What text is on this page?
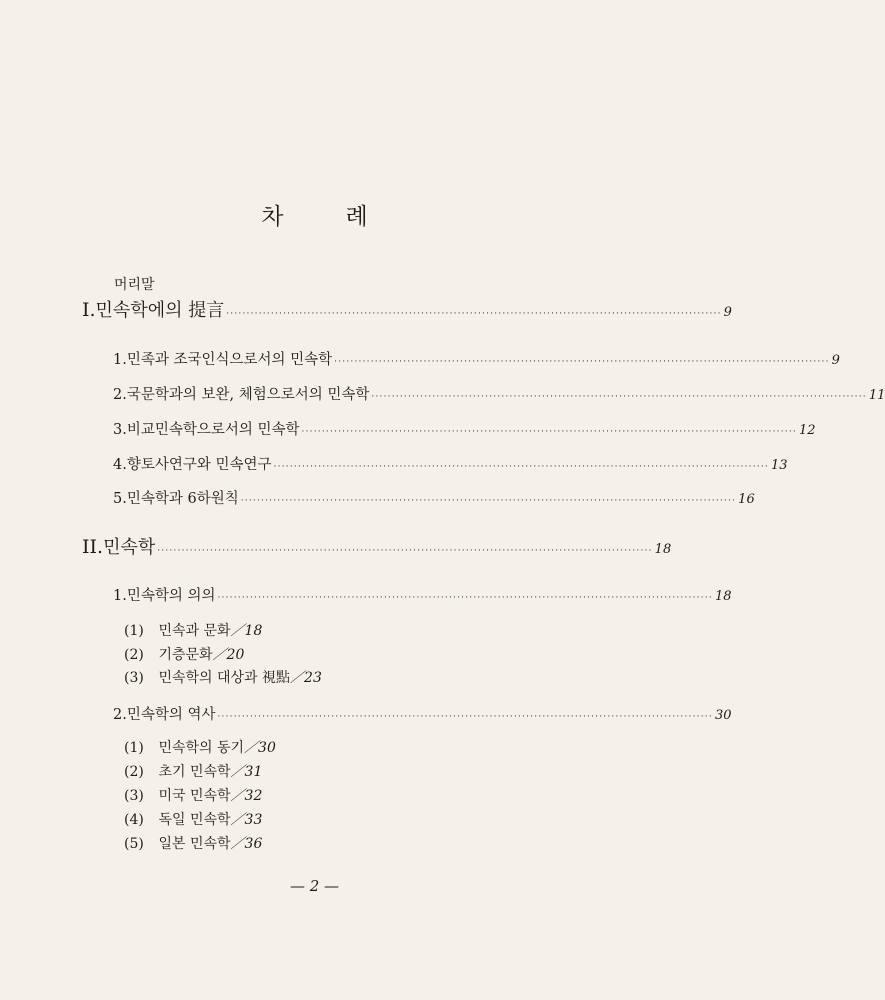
차	례
머리말
I. 민속학에의 提言 ·························································································································· 9
1. 민족과 조국인식으로서의 민속학 ·························································································································· 9
2. 국문학과의 보완, 체험으로서의 민속학 ·························································································································· 11
3. 비교민속학으로서의 민속학 ·························································································································· 12
4. 향토사연구와 민속연구 ·························································································································· 13
5. 민속학과 6하원칙 ·························································································································· 16
II. 민속학 ·························································································································· 18
1. 민속학의 의의 ·························································································································· 18
(1) 민속과 문화／18
(2) 기층문화／20
(3) 민속학의 대상과 視點／23
2. 민속학의 역사 ·························································································································· 30
(1) 민속학의 동기／30
(2) 초기 민속학／31
(3) 미국 민속학／32
(4) 독일 민속학／33
(5) 일본 민속학／36
— 2 —
